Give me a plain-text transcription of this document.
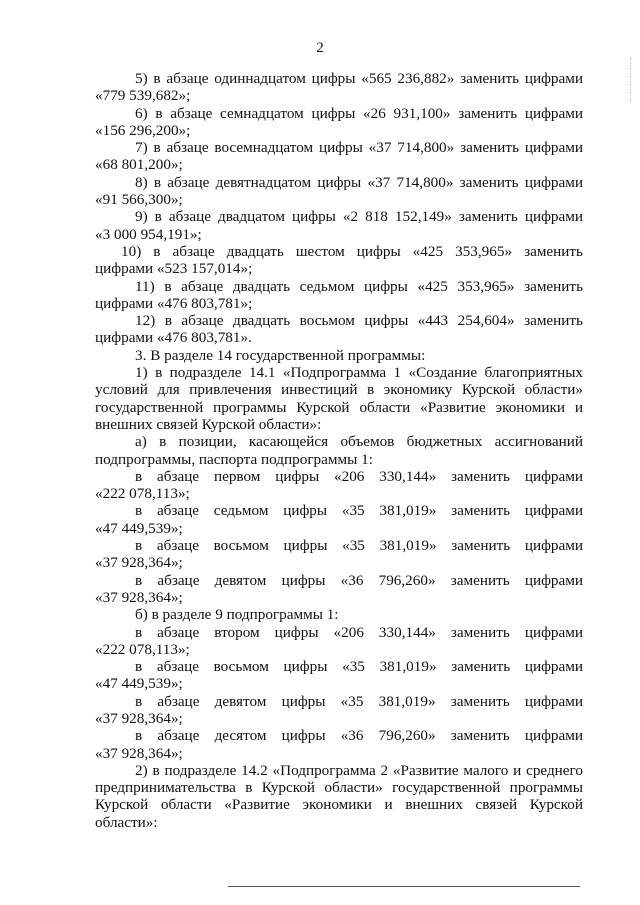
2

5) в абзаце одиннадцатом цифры «565 236,882» заменить цифрами

«779 539,682»;

6) в абзаце семнадцатом цифры «26 931,100» заменить цифрами

«156 296,200»;

7) в абзаце восемнадцатом цифры «37 714,800» заменить цифрами

«68 801,200»;

8) в абзаце девятнадцатом цифры «37 714,800» заменить цифрами

«91 566,300»;

9) в абзаце двадцатом цифры «2 818 152,149» заменить цифрами

«3 000 954,191»;

10) в абзаце двадцать шестом цифры «425 353,965» заменить

цифрами «523 157,014»;

11) в абзаце двадцать седьмом цифры «425 353,965» заменить

цифрами «476 803,781»;

12) в абзаце двадцать восьмом цифры «443 254,604» заменить

цифрами «476 803,781».

3. В разделе 14 государственной программы:

1) в подразделе 14.1 «Подпрограмма 1 «Создание благоприятных

условий для привлечения инвестиций в экономику Курской области»

государственной программы Курской области «Развитие экономики и

внешних связей Курской области»:

а) в позиции, касающейся объемов бюджетных ассигнований

подпрограммы, паспорта подпрограммы 1:

в абзаце первом цифры «206 330,144» заменить цифрами

«222 078,113»;

в абзаце седьмом цифры «35 381,019» заменить цифрами

«47 449,539»;

в абзаце восьмом цифры «35 381,019» заменить цифрами

«37 928,364»;

в абзаце девятом цифры «36 796,260» заменить цифрами

«37 928,364»;

б) в разделе 9 подпрограммы 1:

в абзаце втором цифры «206 330,144» заменить цифрами

«222 078,113»;

в абзаце восьмом цифры «35 381,019» заменить цифрами

«47 449,539»;

в абзаце девятом цифры «35 381,019» заменить цифрами

«37 928,364»;

в абзаце десятом цифры «36 796,260» заменить цифрами

«37 928,364»;

2) в подразделе 14.2 «Подпрограмма 2 «Развитие малого и среднего

предпринимательства в Курской области» государственной программы

Курской области «Развитие экономики и внешних связей Курской

области»:
